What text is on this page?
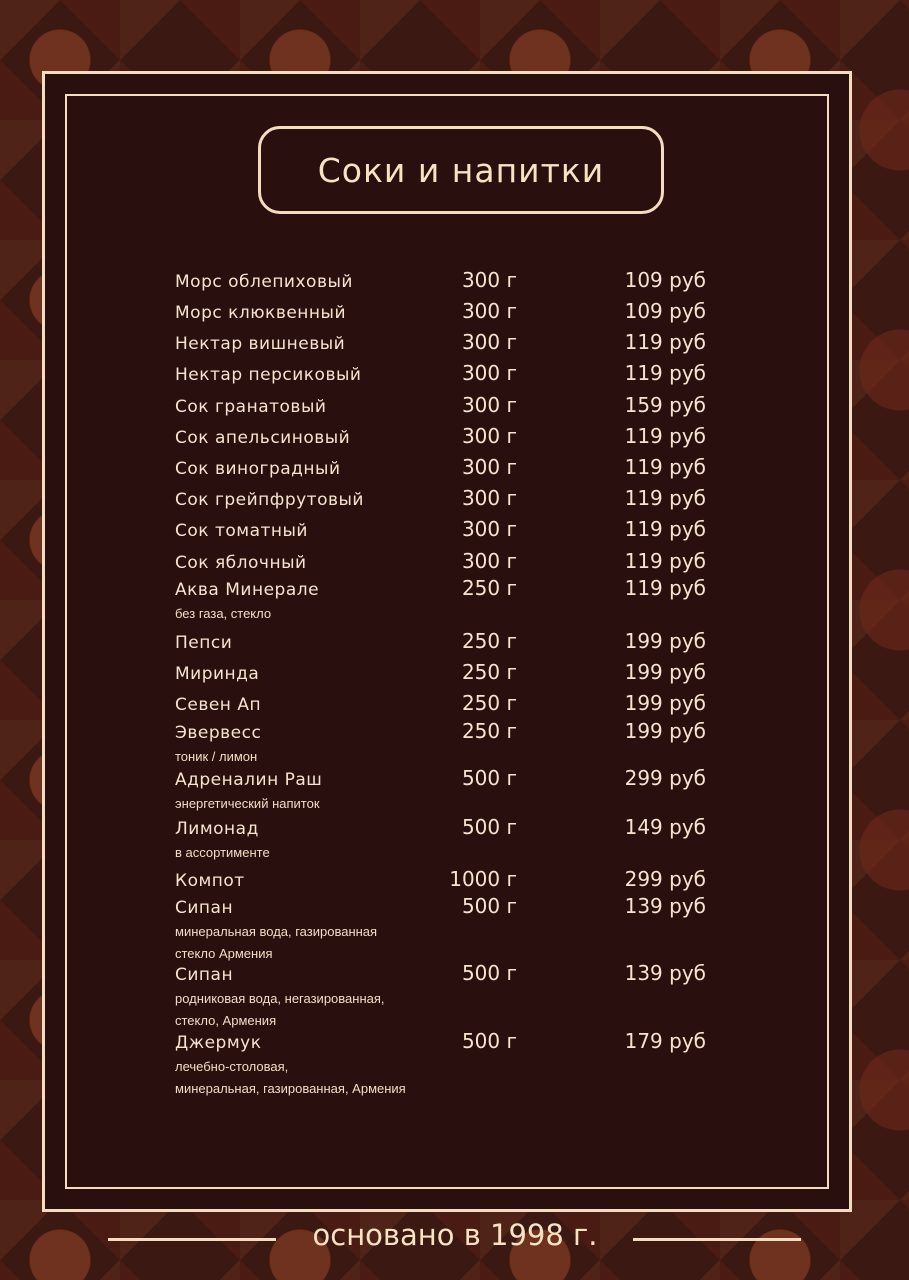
Соки и напитки
Морс облепиховый	300 г	109 руб
Морс клюквенный	300 г	109 руб
Нектар вишневый	300 г	119 руб
Нектар персиковый	300 г	119 руб
Сок гранатовый	300 г	159 руб
Сок апельсиновый	300 г	119 руб
Сок виноградный	300 г	119 руб
Сок грейпфрутовый	300 г	119 руб
Сок томатный	300 г	119 руб
Сок яблочный	300 г	119 руб
Аква Минерале	250 г	119 руб
без газа, стекло
Пепси	250 г	199 руб
Миринда	250 г	199 руб
Севен Ап	250 г	199 руб
Эвервесс	250 г	199 руб
тоник / лимон
Адреналин Раш	500 г	299 руб
энергетический напиток
Лимонад	500 г	149 руб
в ассортименте
Компот	1000 г	299 руб
Сипан	500 г	139 руб
минеральная вода, газированная
стекло Армения
Сипан	500 г	139 руб
родниковая вода, негазированная,
стекло, Армения
Джермук	500 г	179 руб
лечебно-столовая,
минеральная, газированная, Армения
основано в 1998 г.
